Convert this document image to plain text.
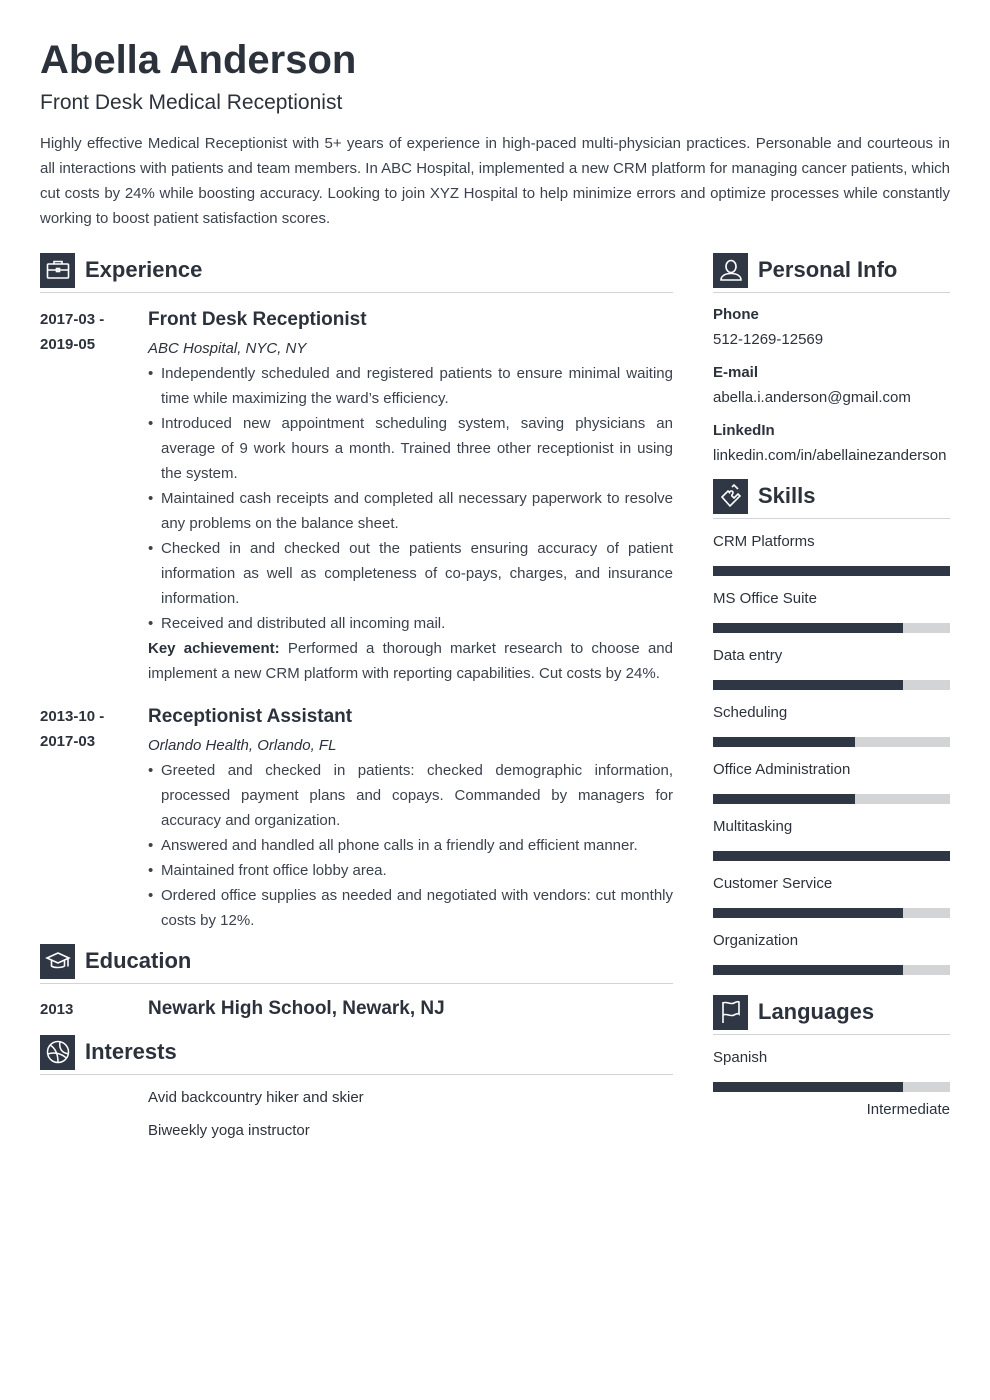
Abella Anderson
Front Desk Medical Receptionist
Highly effective Medical Receptionist with 5+ years of experience in high-paced multi-physician practices. Personable and courteous in all interactions with patients and team members. In ABC Hospital, implemented a new CRM platform for managing cancer patients, which cut costs by 24% while boosting accuracy. Looking to join XYZ Hospital to help minimize errors and optimize processes while constantly working to boost patient satisfaction scores.
Experience
2017-03 -
2019-05
Front Desk Receptionist
ABC Hospital, NYC, NY
• Independently scheduled and registered patients to ensure minimal waiting time while maximizing the ward’s efficiency.
• Introduced new appointment scheduling system, saving physicians an average of 9 work hours a month. Trained three other receptionist in using the system.
• Maintained cash receipts and completed all necessary paperwork to resolve any problems on the balance sheet.
• Checked in and checked out the patients ensuring accuracy of patient information as well as completeness of co-pays, charges, and insurance information.
• Received and distributed all incoming mail.
Key achievement: Performed a thorough market research to choose and implement a new CRM platform with reporting capabilities. Cut costs by 24%.
2013-10 -
2017-03
Receptionist Assistant
Orlando Health, Orlando, FL
• Greeted and checked in patients: checked demographic information, processed payment plans and copays. Commanded by managers for accuracy and organization.
• Answered and handled all phone calls in a friendly and efficient manner.
• Maintained front office lobby area.
• Ordered office supplies as needed and negotiated with vendors: cut monthly costs by 12%.
Education
2013	Newark High School, Newark, NJ
Interests
Avid backcountry hiker and skier
Biweekly yoga instructor
Personal Info
Phone
512-1269-12569
E-mail
abella.i.anderson@gmail.com
LinkedIn
linkedin.com/in/abellainezanderson
Skills
CRM Platforms
MS Office Suite
Data entry
Scheduling
Office Administration
Multitasking
Customer Service
Organization
Languages
Spanish
Intermediate
